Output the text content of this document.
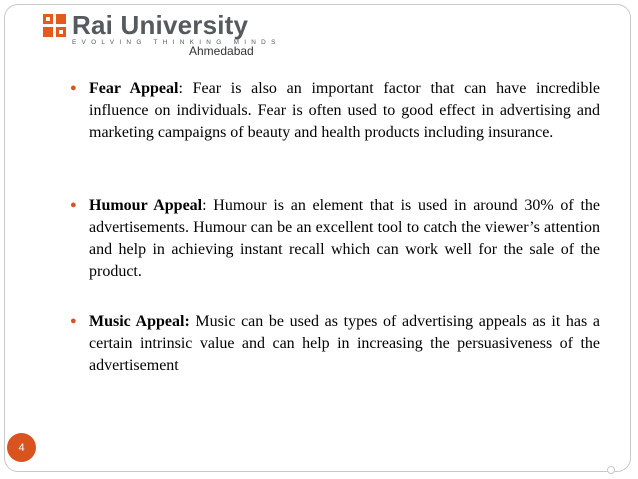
Rai University
EVOLVING THINKING MINDS
Ahmedabad
● Fear Appeal: Fear is also an important factor that can have incredible influence on individuals. Fear is often used to good effect in advertising and marketing campaigns of beauty and health products including insurance.
● Humour Appeal: Humour is an element that is used in around 30% of the advertisements. Humour can be an excellent tool to catch the viewer’s attention and help in achieving instant recall which can work well for the sale of the product.
● Music Appeal: Music can be used as types of advertising appeals as it has a certain intrinsic value and can help in increasing the persuasiveness of the advertisement
4
